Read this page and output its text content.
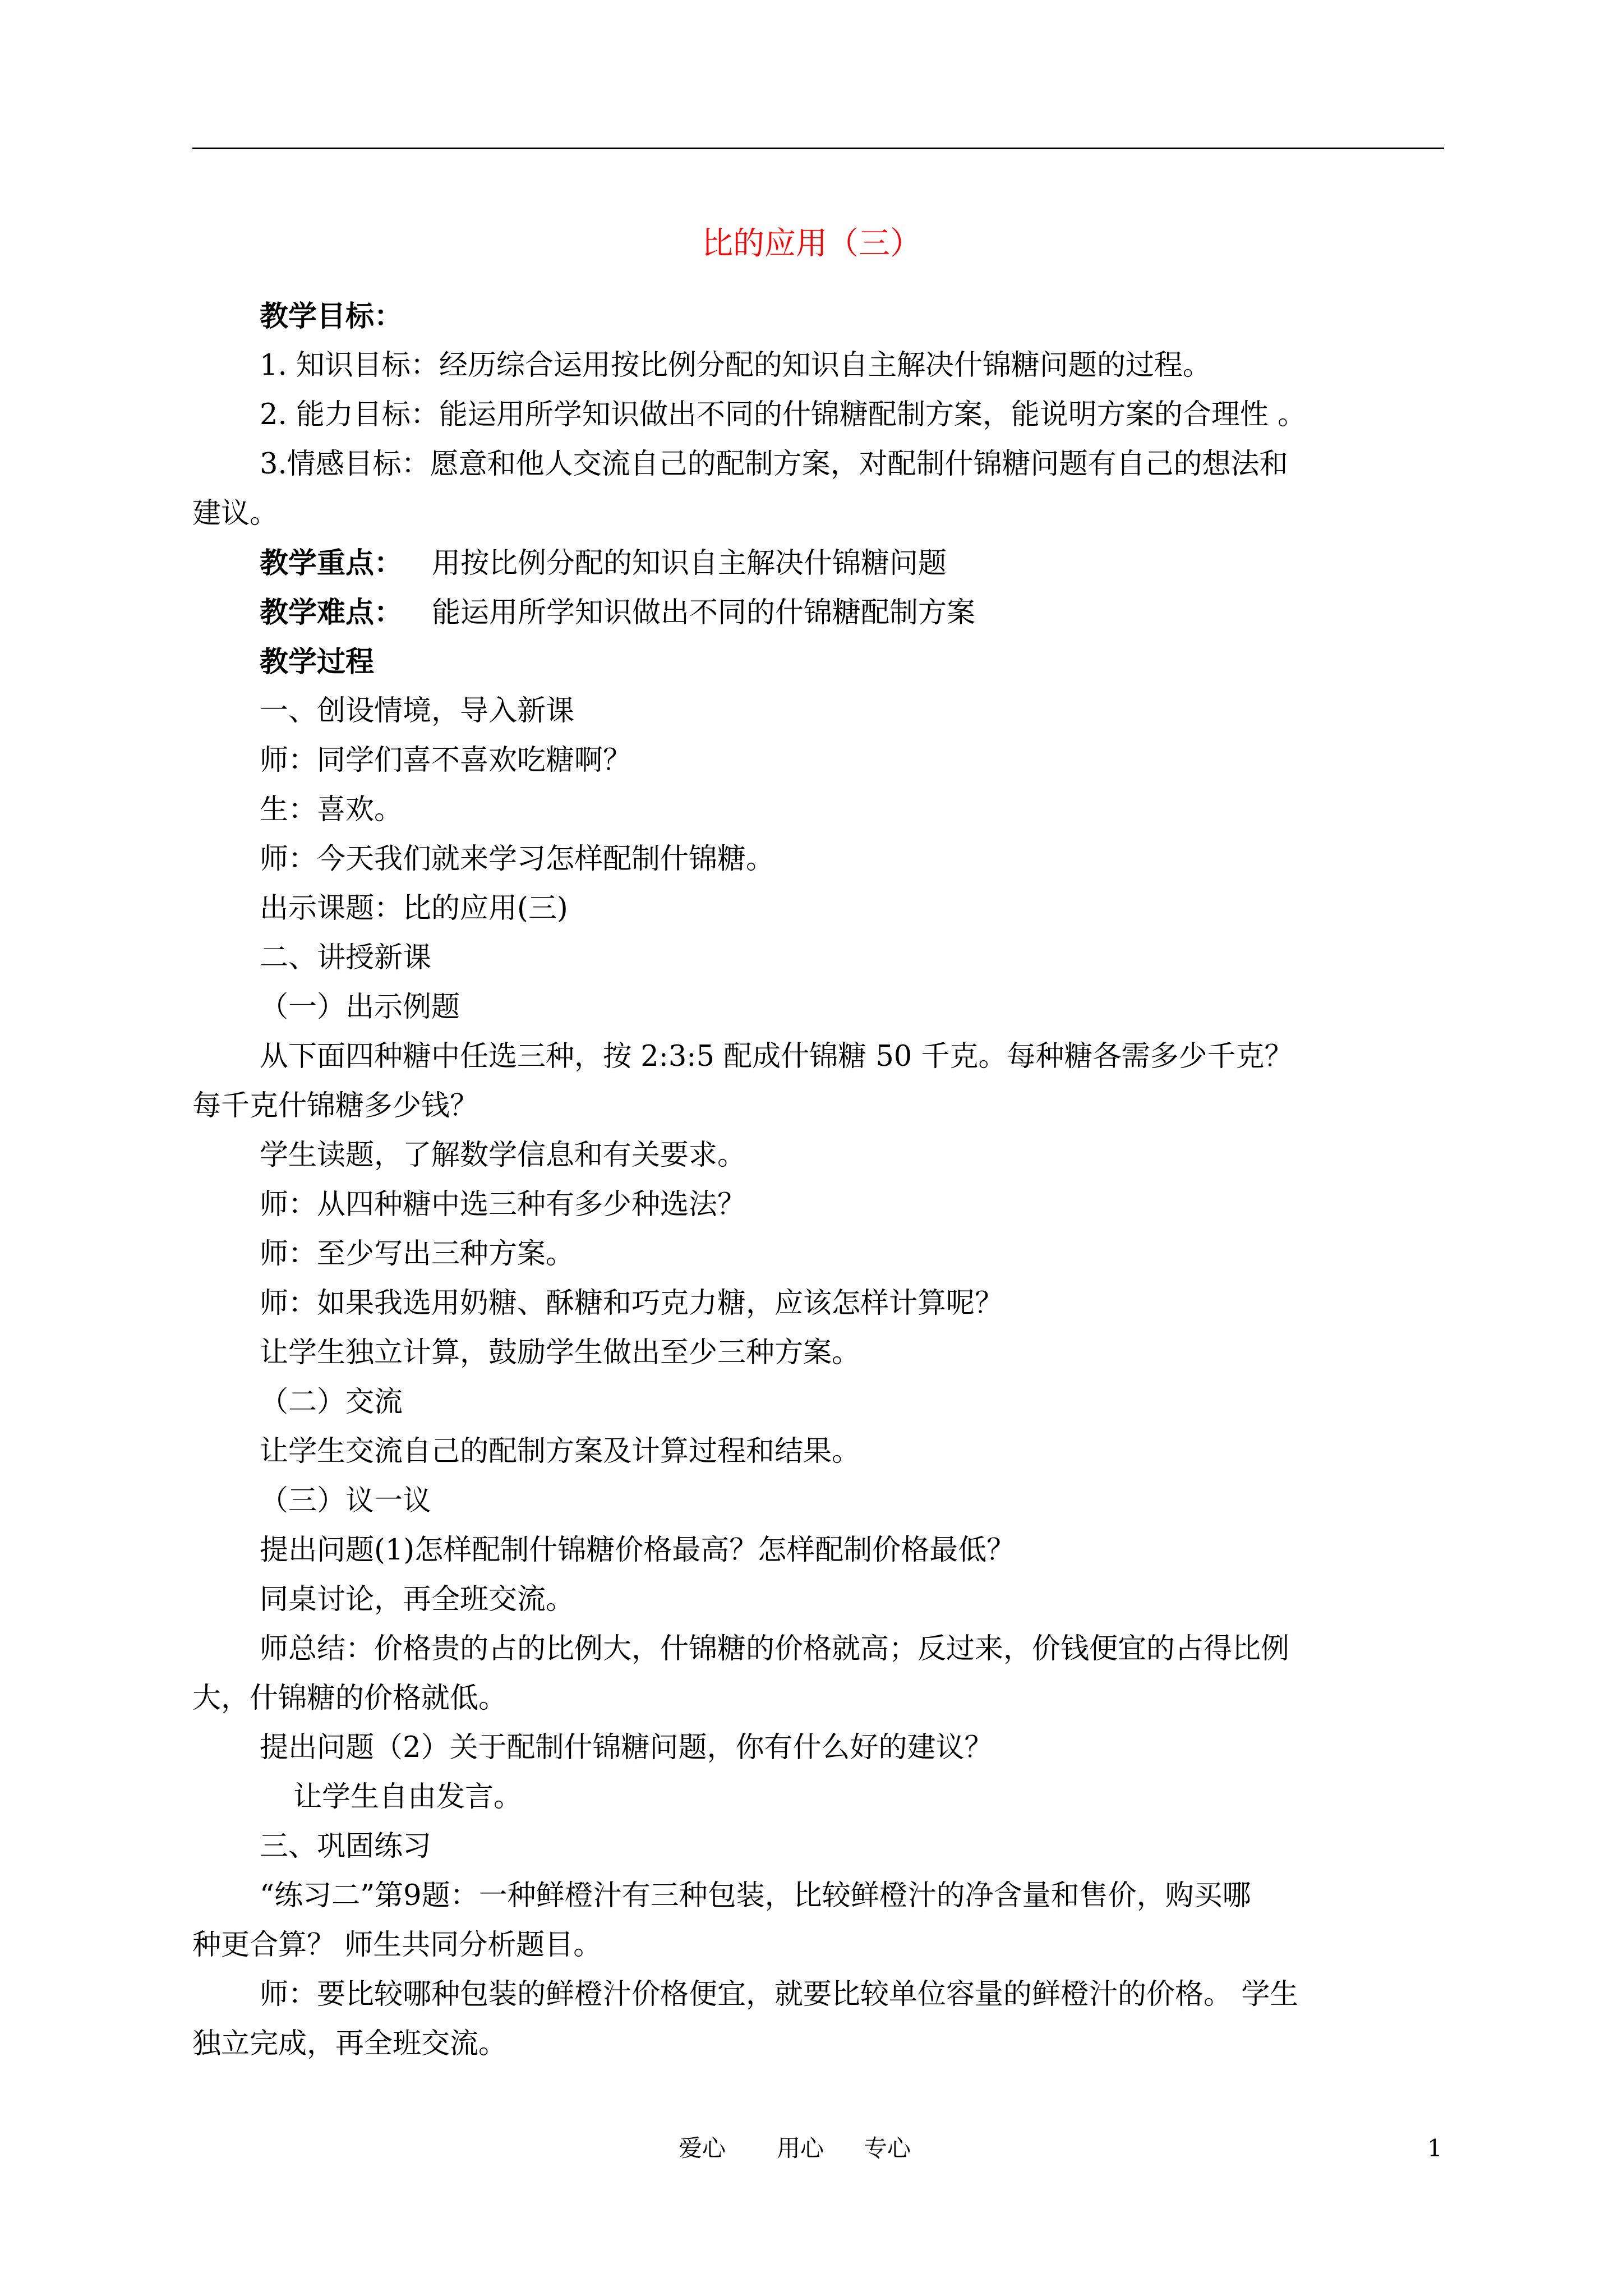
比的应用（三）
教学目标：
1. 知识目标：经历综合运用按比例分配的知识自主解决什锦糖问题的过程。
2. 能力目标：能运用所学知识做出不同的什锦糖配制方案，能说明方案的合理性 。
3.情感目标：愿意和他人交流自己的配制方案，对配制什锦糖问题有自己的想法和
建议。
教学重点： 用按比例分配的知识自主解决什锦糖问题
教学难点： 能运用所学知识做出不同的什锦糖配制方案
教学过程
一、创设情境，导入新课
师：同学们喜不喜欢吃糖啊？
生：喜欢。
师：今天我们就来学习怎样配制什锦糖。
出示课题：比的应用(三)
二、讲授新课
（一）出示例题
从下面四种糖中任选三种，按 2:3:5 配成什锦糖 50 千克。每种糖各需多少千克？
每千克什锦糖多少钱？
学生读题，了解数学信息和有关要求。
师：从四种糖中选三种有多少种选法？
师：至少写出三种方案。
师：如果我选用奶糖、酥糖和巧克力糖，应该怎样计算呢？
让学生独立计算，鼓励学生做出至少三种方案。
（二）交流
让学生交流自己的配制方案及计算过程和结果。
（三）议一议
提出问题(1)怎样配制什锦糖价格最高？怎样配制价格最低？
同桌讨论，再全班交流。
师总结：价格贵的占的比例大，什锦糖的价格就高；反过来，价钱便宜的占得比例
大，什锦糖的价格就低。
提出问题（2）关于配制什锦糖问题，你有什么好的建议？
让学生自由发言。
三、巩固练习
“练习二”第9题：一种鲜橙汁有三种包装，比较鲜橙汁的净含量和售价，购买哪
种更合算？ 师生共同分析题目。
师：要比较哪种包装的鲜橙汁价格便宜，就要比较单位容量的鲜橙汁的价格。 学生
独立完成，再全班交流。
爱心 用心 专心	1
